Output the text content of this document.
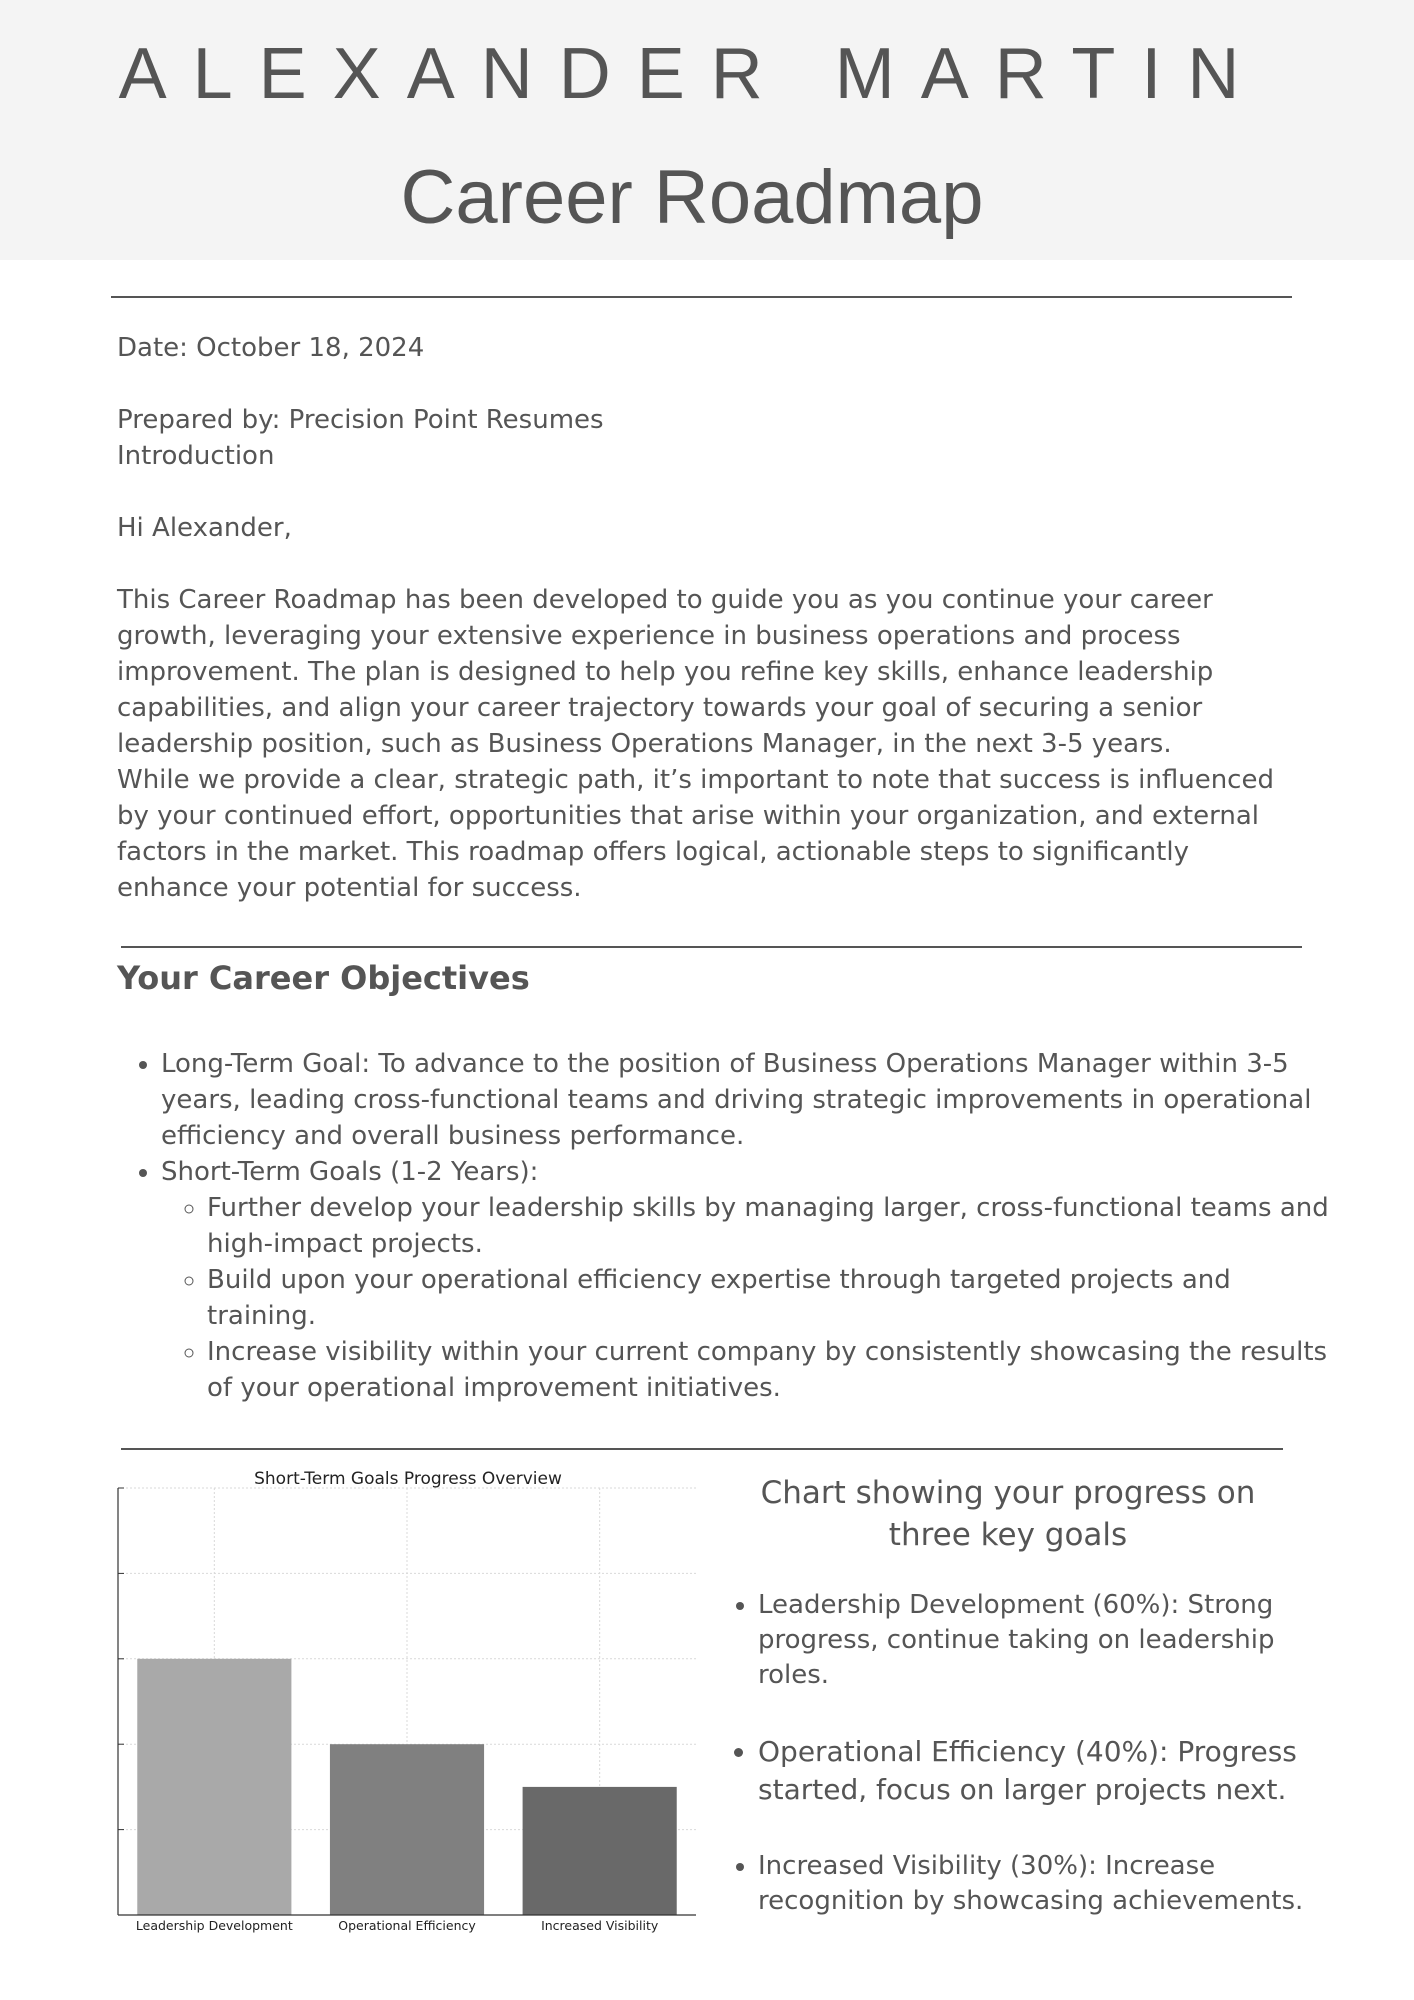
ALEXANDER MARTIN
Career Roadmap

Date: October 18, 2024

Prepared by: Precision Point Resumes

Introduction

Hi Alexander,

This Career Roadmap has been developed to guide you as you continue your career growth, leveraging your extensive experience in business operations and process improvement. The plan is designed to help you refine key skills, enhance leadership capabilities, and align your career trajectory towards your goal of securing a senior leadership position, such as Business Operations Manager, in the next 3-5 years.

While we provide a clear, strategic path, it’s important to note that success is influenced by your continued effort, opportunities that arise within your organization, and external factors in the market. This roadmap offers logical, actionable steps to significantly enhance your potential for success.

Your Career Objectives
• Long-Term Goal: To advance to the position of Business Operations Manager within 3-5 years, leading cross-functional teams and driving strategic improvements in operational efficiency and overall business performance.
• Short-Term Goals (1-2 Years):
◦ Further develop your leadership skills by managing larger, cross-functional teams and high-impact projects.
◦ Build upon your operational efficiency expertise through targeted projects and training.
◦ Increase visibility within your current company by consistently showcasing the results of your operational improvement initiatives.
Short-Term Goals Progress Overview
Leadership Development	Operational Efficiency	Increased Visibility
Chart showing your progress on three key goals
• Leadership Development (60%): Strong progress, continue taking on leadership roles.
• Operational Efficiency (40%): Progress started, focus on larger projects next.
• Increased Visibility (30%): Increase recognition by showcasing achievements.
